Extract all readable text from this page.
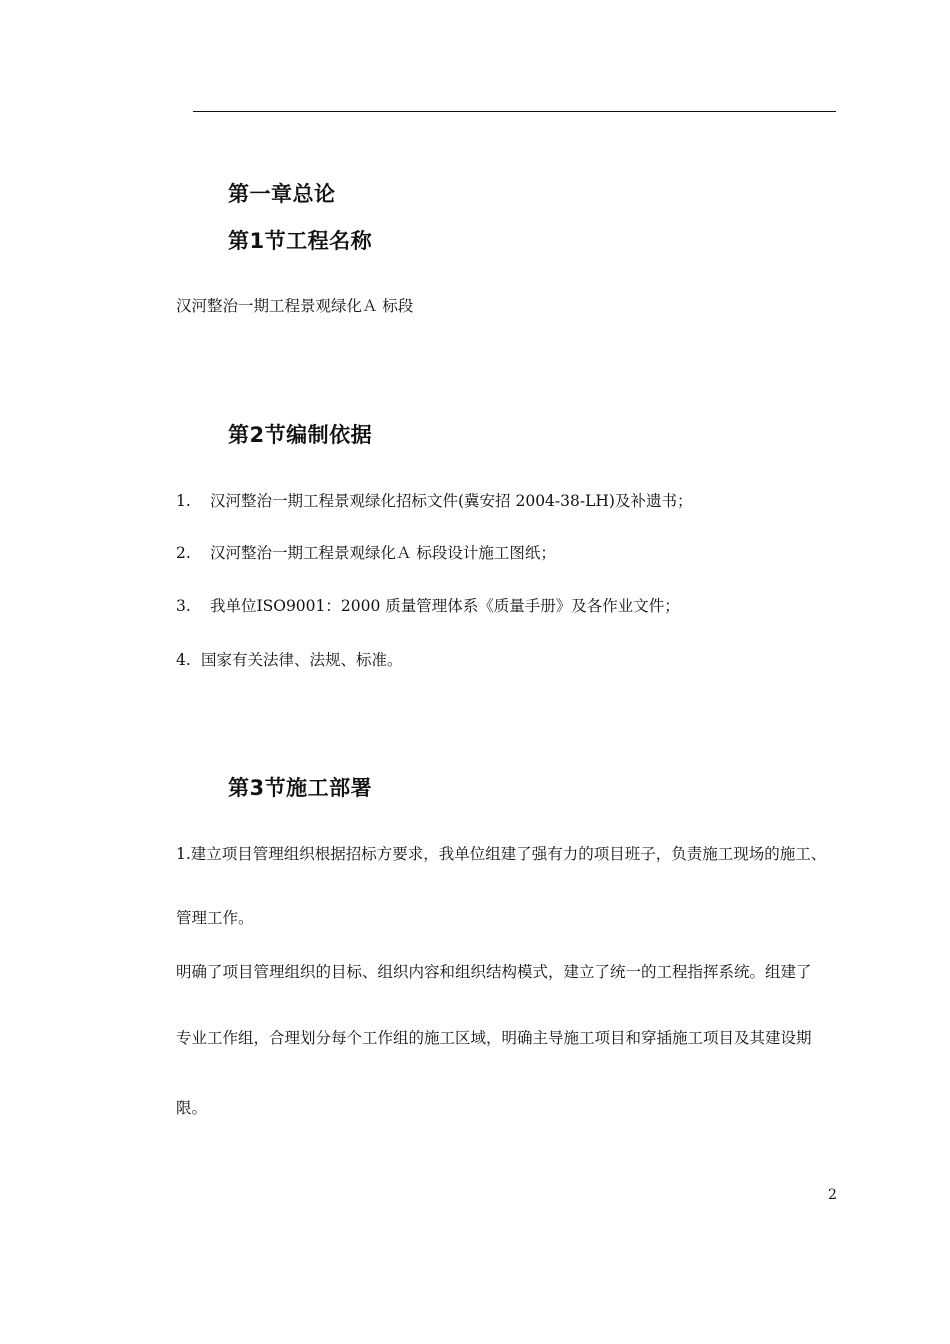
第一章总论
第1节工程名称
汉河整治一期工程景观绿化Ａ 标段
第2节编制依据
1. 汉河整治一期工程景观绿化招标文件(冀安招 2004-38-LH)及补遗书；
2. 汉河整治一期工程景观绿化Ａ 标段设计施工图纸；
3. 我单位ISO9001：2000 质量管理体系《质量手册》及各作业文件；
4. 国家有关法律、法规、标准。
第3节施工部署
1.建立项目管理组织根据招标方要求，我单位组建了强有力的项目班子，负责施工现场的施工、
管理工作。
明确了项目管理组织的目标、组织内容和组织结构模式，建立了统一的工程指挥系统。组建了
专业工作组，合理划分每个工作组的施工区域，明确主导施工项目和穿插施工项目及其建设期
限。
2
